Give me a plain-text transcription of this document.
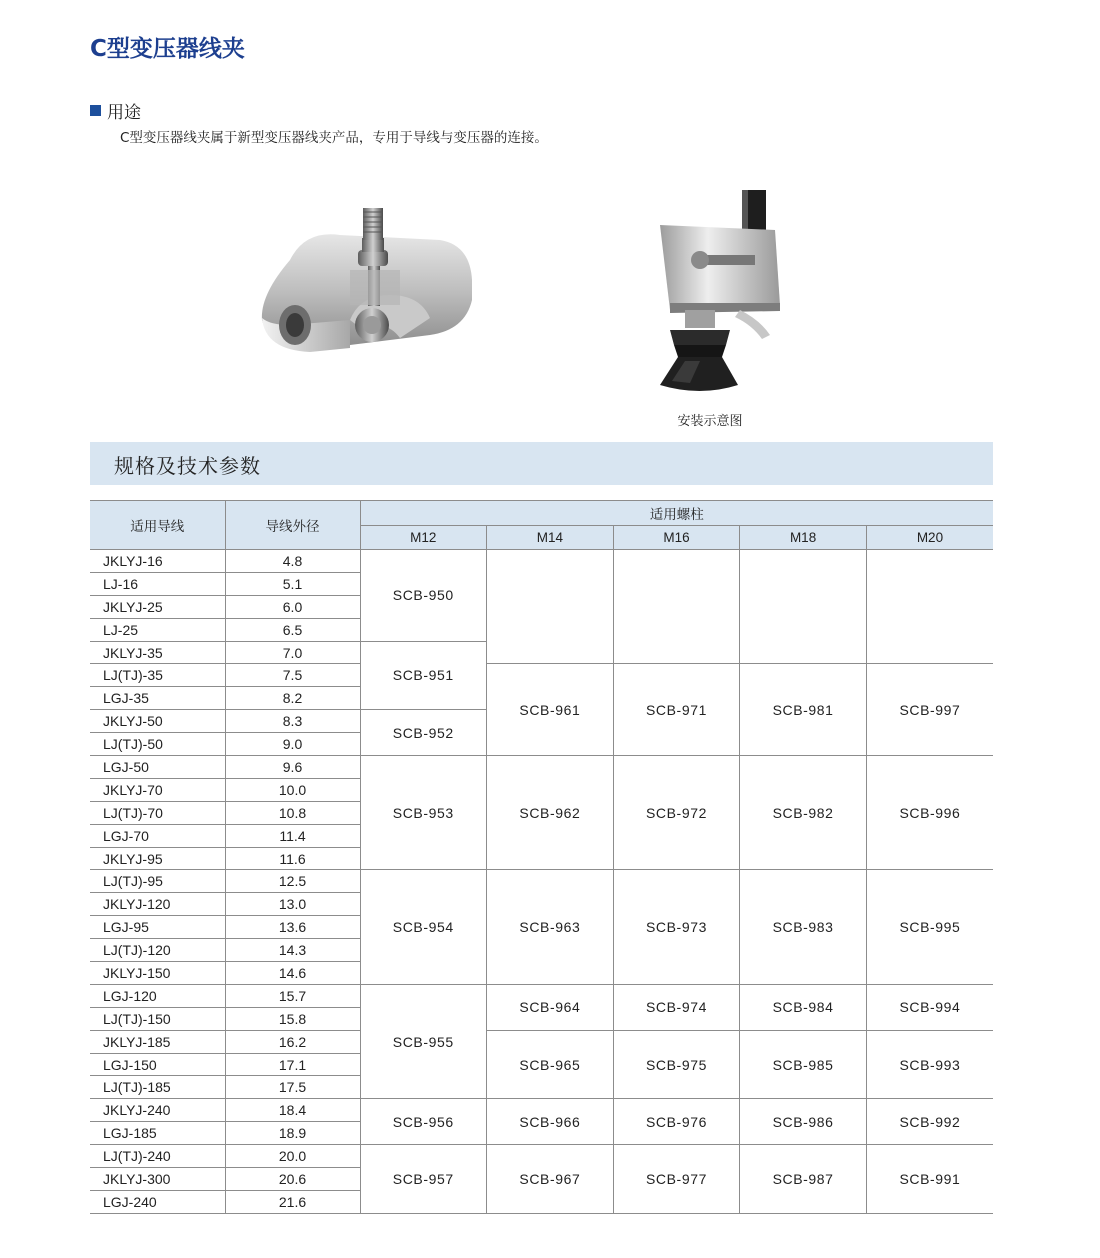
C型变压器线夹
用途
C型变压器线夹属于新型变压器线夹产品，专用于导线与变压器的连接。
安装示意图
规格及技术参数
适用导线	导线外径	适用螺柱				
		M12	M14	M16	M18	M20
JKLYJ-16	4.8	SCB-950				
LJ-16	5.1					
JKLYJ-25	6.0					
LJ-25	6.5					
JKLYJ-35	7.0	SCB-951				
LJ(TJ)-35	7.5		SCB-961	SCB-971	SCB-981	SCB-997
LGJ-35	8.2					
JKLYJ-50	8.3	SCB-952				
LJ(TJ)-50	9.0					
LGJ-50	9.6	SCB-953	SCB-962	SCB-972	SCB-982	SCB-996
JKLYJ-70	10.0					
LJ(TJ)-70	10.8					
LGJ-70	11.4					
JKLYJ-95	11.6					
LJ(TJ)-95	12.5	SCB-954	SCB-963	SCB-973	SCB-983	SCB-995
JKLYJ-120	13.0					
LGJ-95	13.6					
LJ(TJ)-120	14.3					
JKLYJ-150	14.6					
LGJ-120	15.7	SCB-955	SCB-964	SCB-974	SCB-984	SCB-994
LJ(TJ)-150	15.8					
JKLYJ-185	16.2		SCB-965	SCB-975	SCB-985	SCB-993
LGJ-150	17.1					
LJ(TJ)-185	17.5					
JKLYJ-240	18.4	SCB-956	SCB-966	SCB-976	SCB-986	SCB-992
LGJ-185	18.9					
LJ(TJ)-240	20.0	SCB-957	SCB-967	SCB-977	SCB-987	SCB-991
JKLYJ-300	20.6					
LGJ-240	21.6					
